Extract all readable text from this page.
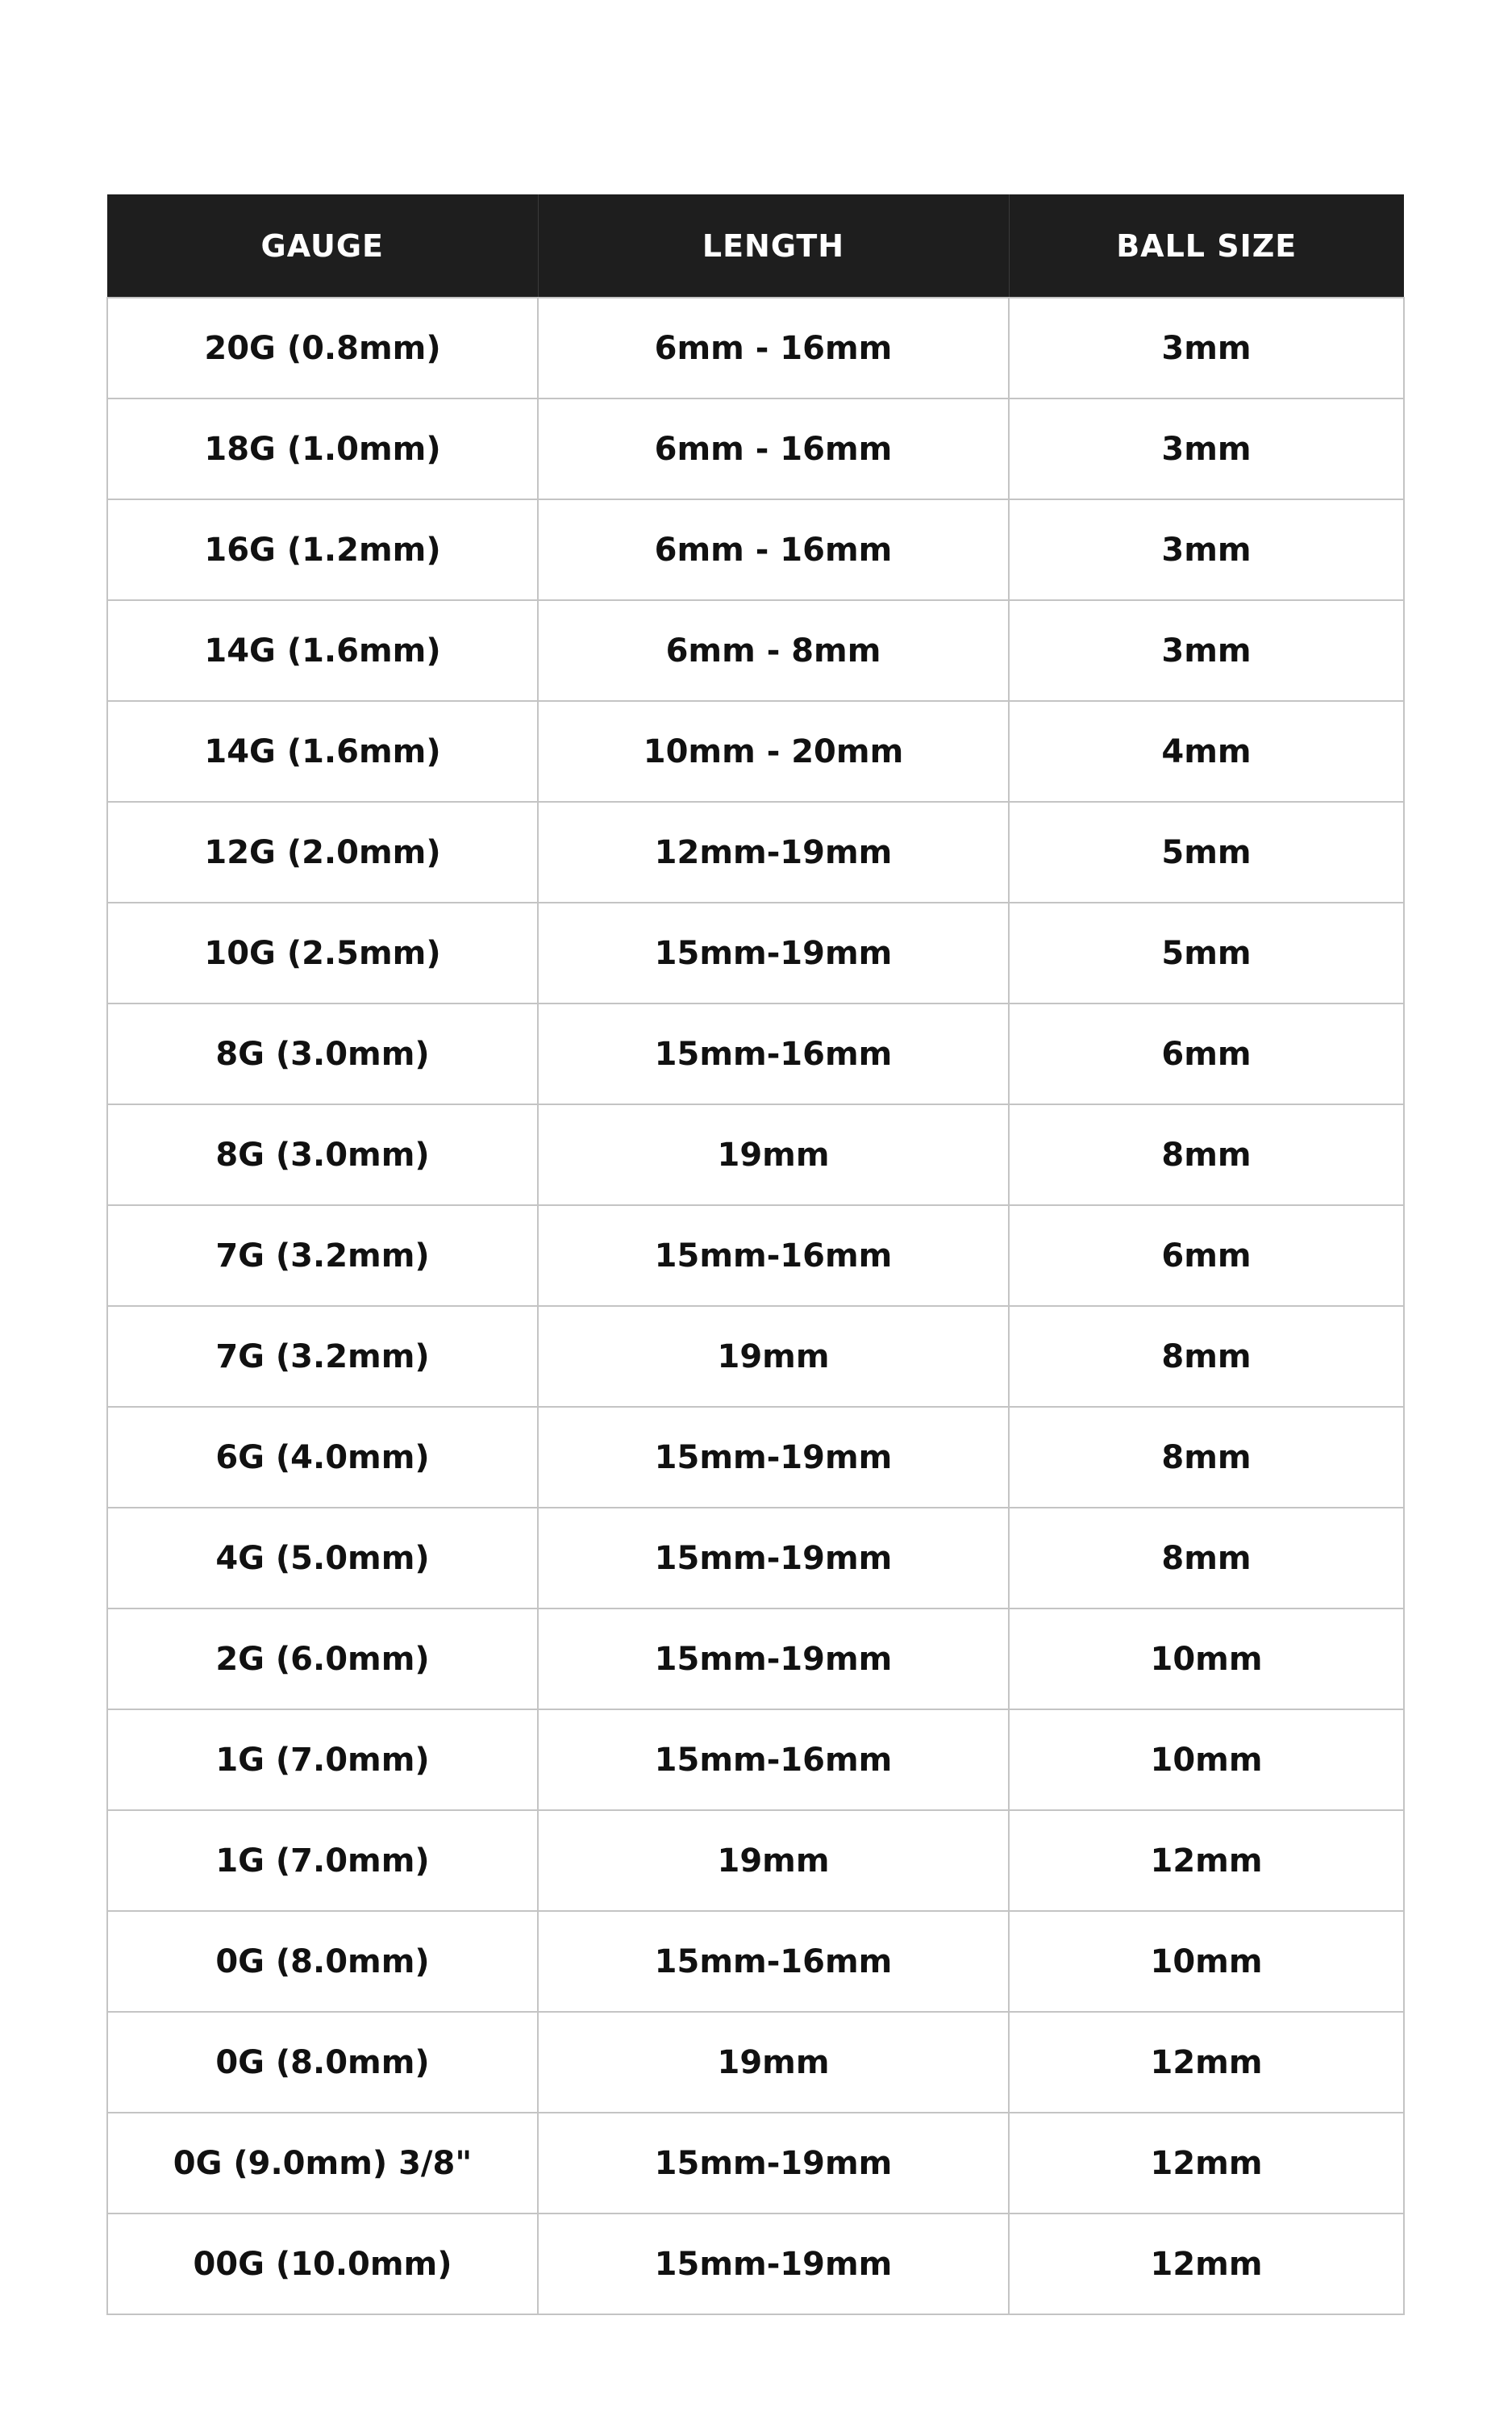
GAUGE	LENGTH	BALL SIZE
20G (0.8mm)	6mm - 16mm	3mm
18G (1.0mm)	6mm - 16mm	3mm
16G (1.2mm)	6mm - 16mm	3mm
14G (1.6mm)	6mm - 8mm	3mm
14G (1.6mm)	10mm - 20mm	4mm
12G (2.0mm)	12mm-19mm	5mm
10G (2.5mm)	15mm-19mm	5mm
8G (3.0mm)	15mm-16mm	6mm
8G (3.0mm)	19mm	8mm
7G (3.2mm)	15mm-16mm	6mm
7G (3.2mm)	19mm	8mm
6G (4.0mm)	15mm-19mm	8mm
4G (5.0mm)	15mm-19mm	8mm
2G (6.0mm)	15mm-19mm	10mm
1G (7.0mm)	15mm-16mm	10mm
1G (7.0mm)	19mm	12mm
0G (8.0mm)	15mm-16mm	10mm
0G (8.0mm)	19mm	12mm
0G (9.0mm) 3/8"	15mm-19mm	12mm
00G (10.0mm)	15mm-19mm	12mm
